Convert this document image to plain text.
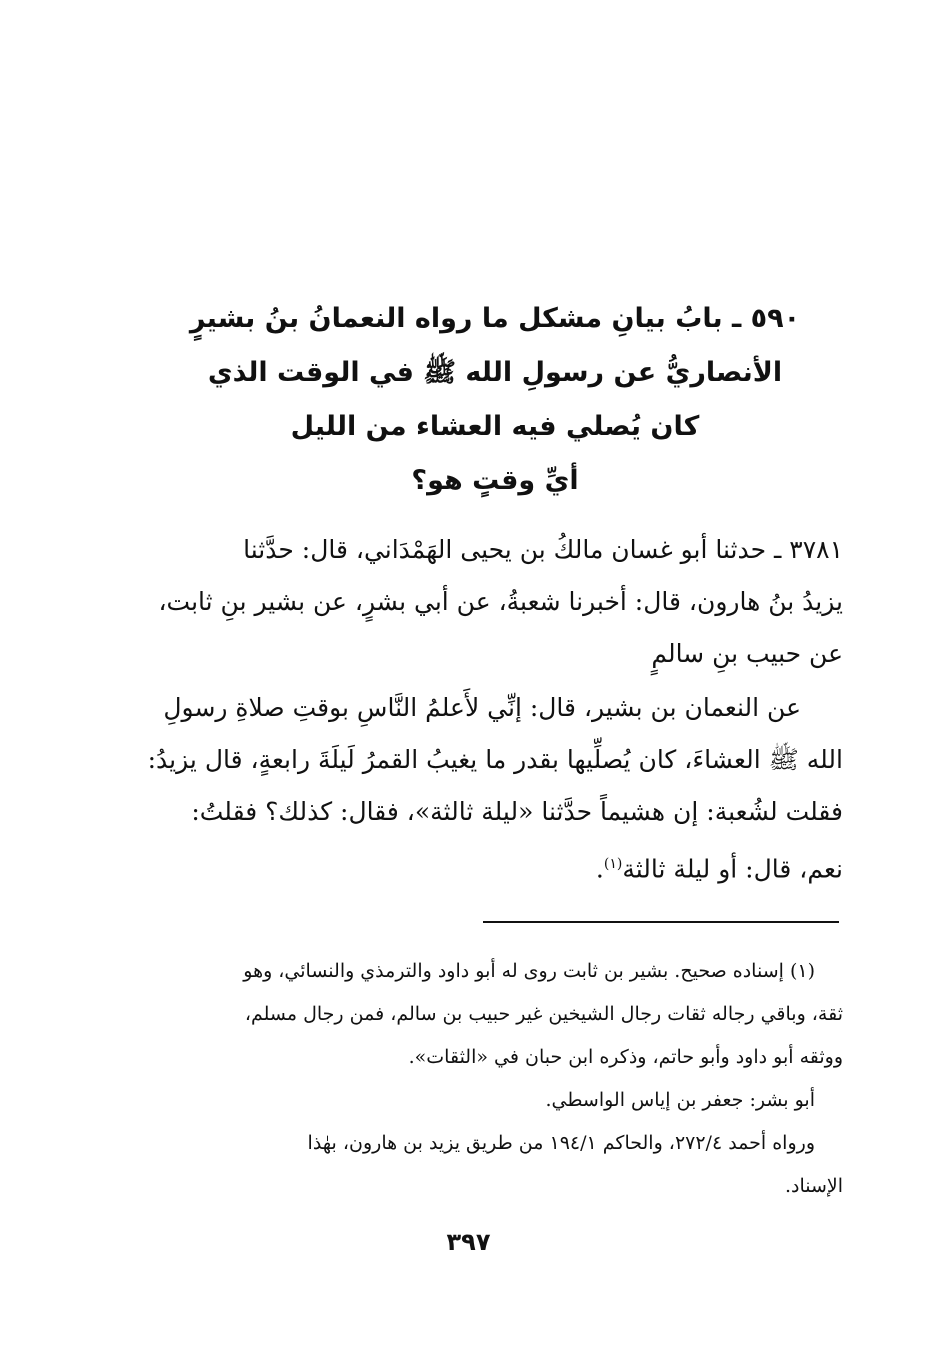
٥٩٠ ـ بابُ بيانِ مشكل ما رواه النعمانُ بنُ بشيرٍ
الأنصاريُّ عن رسولِ الله ﷺ في الوقت الذي
كان يُصلي فيه العشاء من الليل
أيِّ وقتٍ هو؟
٣٧٨١ ـ حدثنا أبو غسان مالكُ بن يحيى الهَمْدَاني، قال: حدَّثنا
يزيدُ بنُ هارون، قال: أخبرنا شعبةُ، عن أبي بشرٍ، عن بشير بنِ ثابت،
عن حبيب بنِ سالمٍ
عن النعمان بن بشير، قال: إنِّي لأَعلمُ النَّاسِ بوقتِ صلاةِ رسولِ
الله ﷺ العشاءَ، كان يُصلِّيها بقدر ما يغيبُ القمرُ لَيلَةَ رابعةٍ، قال يزيدُ:
فقلت لشُعبة: إن هشيماً حدَّثنا «ليلة ثالثة»، فقال: كذلك؟ فقلتُ:
نعم، قال: أو ليلة ثالثة$^{(١)}$.
(١) إسناده صحيح. بشير بن ثابت روى له أبو داود والترمذي والنسائي، وهو
ثقة، وباقي رجاله ثقات رجال الشيخين غير حبيب بن سالم، فمن رجال مسلم،
ووثقه أبو داود وأبو حاتم، وذكره ابن حبان في «الثقات».
أبو بشر: جعفر بن إياس الواسطي.
ورواه أحمد ٢٧٢/٤، والحاكم ١٩٤/١ من طريق يزيد بن هارون، بهٰذا
الإسناد.
٣٩٧
